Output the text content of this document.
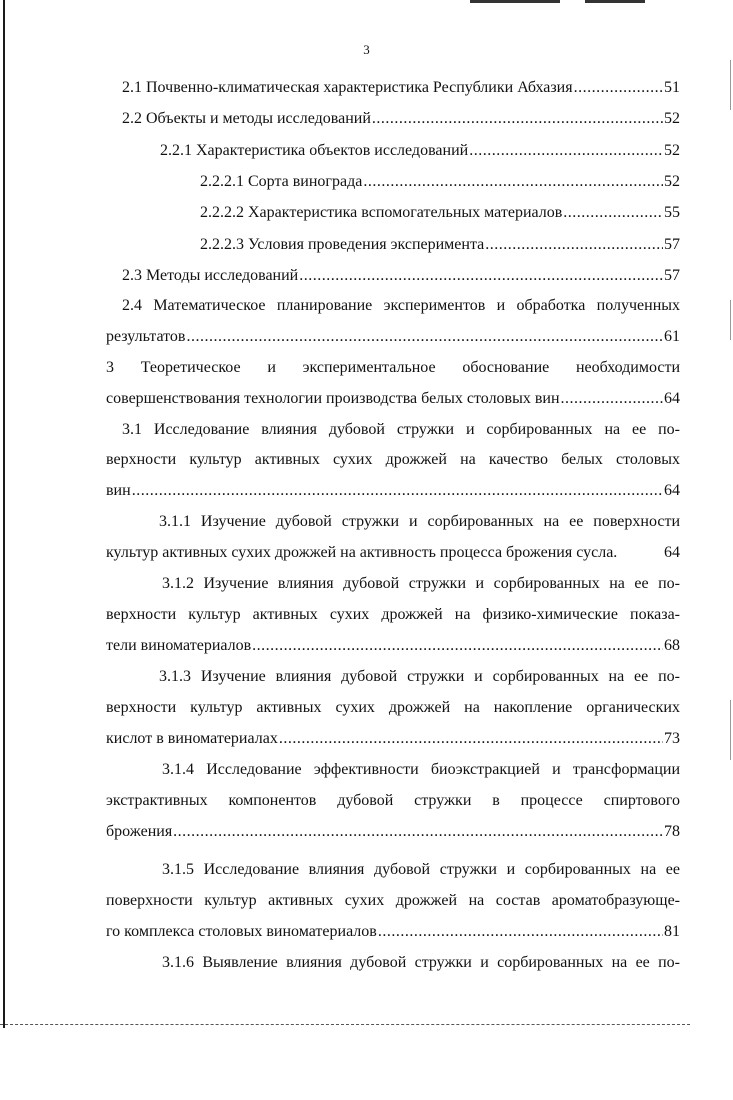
3
2.1 Почвенно-климатическая характеристика Республики Абхазия .....	51
2.2 Объекты и методы исследований .....	52
2.2.1 Характеристика объектов исследований .....	52
2.2.2.1 Сорта винограда .....	52
2.2.2.2 Характеристика вспомогательных материалов .....	55
2.2.2.3 Условия проведения эксперимента .....	57
2.3 Методы исследований .....	57
2.4 Математическое планирование экспериментов и обработка полученных
результатов .....	61
3 Теоретическое и экспериментальное обоснование необходимости
совершенствования технологии производства белых столовых вин .....	64
3.1 Исследование влияния дубовой стружки и сорбированных на ее по-
верхности культур активных сухих дрожжей на качество белых столовых
вин .....	64
3.1.1 Изучение дубовой стружки и сорбированных на ее поверхности
культур активных сухих дрожжей на активность процесса брожения сусла.	64
3.1.2 Изучение влияния дубовой стружки и сорбированных на ее по-
верхности культур активных сухих дрожжей на физико-химические показа-
тели виноматериалов .....	68
3.1.3 Изучение влияния дубовой стружки и сорбированных на ее по-
верхности культур активных сухих дрожжей на накопление органических
кислот в виноматериалах .....	73
3.1.4 Исследование эффективности биоэкстракцией и трансформации
экстрактивных компонентов дубовой стружки в процессе спиртового
брожения .....	78
3.1.5 Исследование влияния дубовой стружки и сорбированных на ее
поверхности культур активных сухих дрожжей на состав ароматобразующе-
го комплекса столовых виноматериалов .....	81
3.1.6 Выявление влияния дубовой стружки и сорбированных на ее по-
